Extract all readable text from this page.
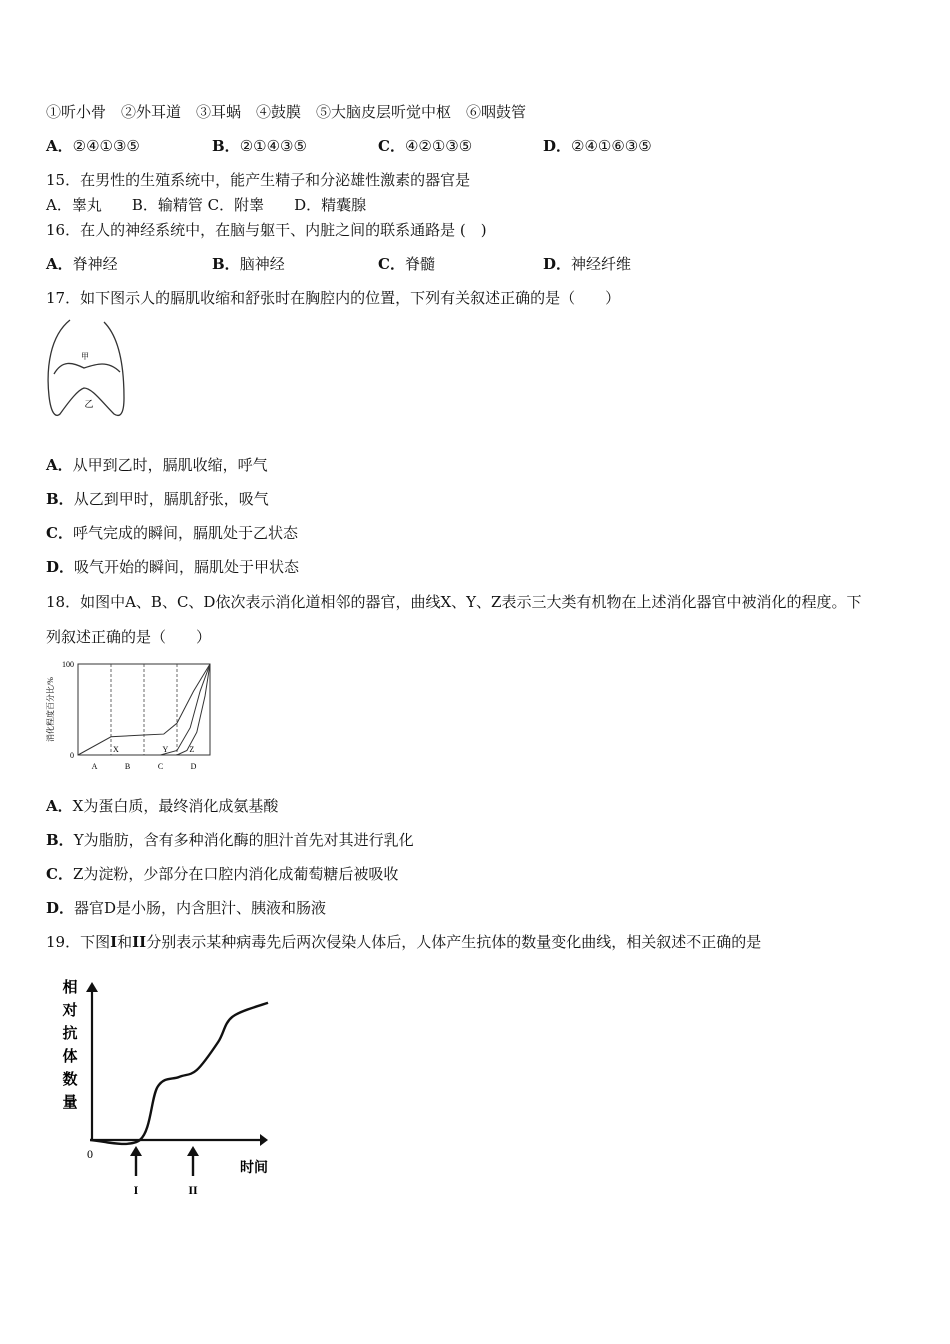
①听小骨　②外耳道　③耳蜗　④鼓膜　⑤大脑皮层听觉中枢　⑥咽鼓管
A．②④①③⑤	B．②①④③⑤	C．④②①③⑤	D．②④①⑥③⑤
15．在男性的生殖系统中，能产生精子和分泌雄性激素的器官是
A．睾丸　　B．输精管 C．附睾　　D．精囊腺
16．在人的神经系统中，在脑与躯干、内脏之间的联系通路是 (　)
A．脊神经	B．脑神经	C．脊髓	D．神经纤维
17．如下图示人的膈肌收缩和舒张时在胸腔内的位置，下列有关叙述正确的是（　　）
甲
乙
A．从甲到乙时，膈肌收缩，呼气
B．从乙到甲时，膈肌舒张，吸气
C．呼气完成的瞬间，膈肌处于乙状态
D．吸气开始的瞬间，膈肌处于甲状态
18．如图中A、B、C、D依次表示消化道相邻的器官，曲线X、Y、Z表示三大类有机物在上述消化器官中被消化的程度。下
列叙述正确的是（　　）
100
0
消化程度百分比/%
A	B	C	D
X	Y	Z
A．X为蛋白质，最终消化成氨基酸
B．Y为脂肪，含有多种消化酶的胆汁首先对其进行乳化
C．Z为淀粉，少部分在口腔内消化成葡萄糖后被吸收
D．器官D是小肠，内含胆汁、胰液和肠液
19．下图I和II分别表示某种病毒先后两次侵染人体后，人体产生抗体的数量变化曲线，相关叙述不正确的是
相
对
抗
体
数
量
0
时间
I	II
